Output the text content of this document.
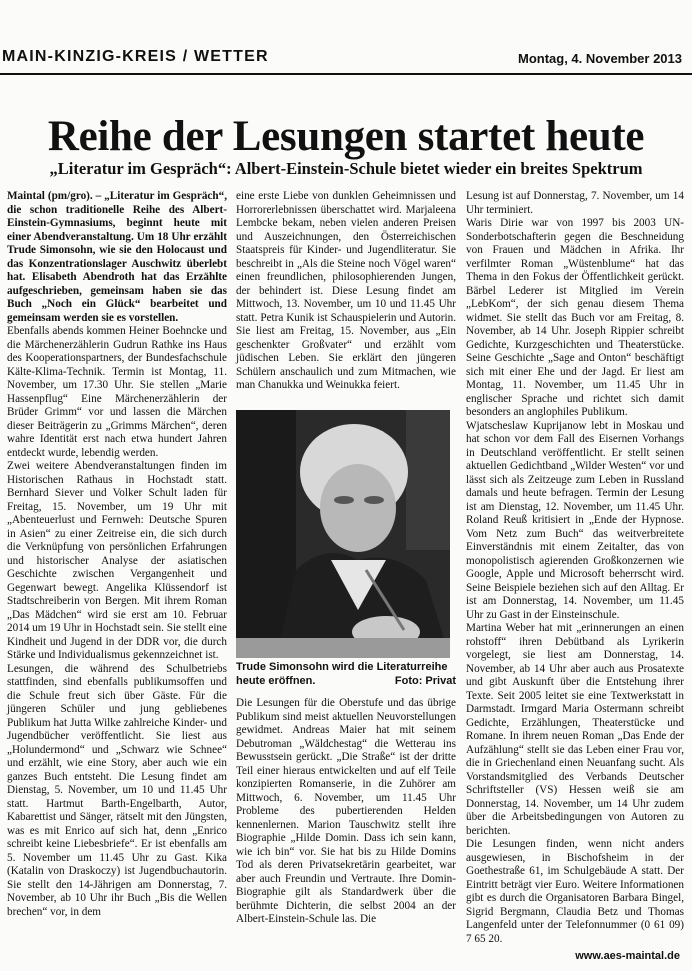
MAIN-KINZIG-KREIS / WETTER	Montag, 4. November 2013
Reihe der Lesungen startet heute
„Literatur im Gespräch“: Albert-Einstein-Schule bietet wieder ein breites Spektrum

Maintal (pm/gro). – „Literatur im Gespräch“, die schon traditionelle Reihe des Albert-Einstein-Gymnasiums, beginnt heute mit einer Abendveranstaltung. Um 18 Uhr erzählt Trude Simonsohn, wie sie den Holocaust und das Konzentrationslager Auschwitz überlebt hat. Elisabeth Abendroth hat das Erzählte aufgeschrieben, gemeinsam haben sie das Buch „Noch ein Glück“ bearbeitet und gemeinsam werden sie es vorstellen.

Ebenfalls abends kommen Heiner Boehncke und die Märchenerzählerin Gudrun Rathke ins Haus des Kooperationspartners, der Bundesfachschule Kälte-Klima-Technik. Termin ist Montag, 11. November, um 17.30 Uhr. Sie stellen „Marie Hassenpflug“ Eine Märchenerzählerin der Brüder Grimm“ vor und lassen die Märchen dieser Beiträgerin zu „Grimms Märchen“, deren wahre Identität erst nach etwa hundert Jahren entdeckt wurde, lebendig werden.

Zwei weitere Abendveranstaltungen finden im Historischen Rathaus in Hochstadt statt. Bernhard Siever und Volker Schult laden für Freitag, 15. November, um 19 Uhr mit „Abenteuerlust und Fernweh: Deutsche Spuren in Asien“ zu einer Zeitreise ein, die sich durch die Verknüpfung von persönlichen Erfahrungen und historischer Analyse der asiatischen Geschichte zwischen Vergangenheit und Gegenwart bewegt. Angelika Klüssendorf ist Stadtschreiberin von Bergen. Mit ihrem Roman „Das Mädchen“ wird sie erst am 10. Februar 2014 um 19 Uhr in Hochstadt sein. Sie stellt eine Kindheit und Jugend in der DDR vor, die durch Stärke und Individualismus gekennzeichnet ist.

Lesungen, die während des Schulbetriebs stattfinden, sind ebenfalls publikumsoffen und die Schule freut sich über Gäste. Für die jüngeren Schüler und jung gebliebenes Publikum hat Jutta Wilke zahlreiche Kinder- und Jugendbücher veröffentlicht. Sie liest aus „Holundermond“ und „Schwarz wie Schnee“ und erzählt, wie eine Story, aber auch wie ein ganzes Buch entsteht. Die Lesung findet am Dienstag, 5. November, um 10 und 11.45 Uhr statt. Hartmut Barth-Engelbarth, Autor, Kabarettist und Sänger, rätselt mit den Jüngsten, was es mit Enrico auf sich hat, denn „Enrico schreibt keine Liebesbriefe“. Er ist ebenfalls am 5. November um 11.45 Uhr zu Gast. Kika (Katalin von Draskoczy) ist Jugendbuchautorin. Sie stellt den 14-Jährigen am Donnerstag, 7. November, ab 10 Uhr ihr Buch „Bis die Wellen brechen“ vor, in dem

eine erste Liebe von dunklen Geheimnissen und Horrorerlebnissen überschattet wird. Marjaleena Lembcke bekam, neben vielen anderen Preisen und Auszeichnungen, den Österreichischen Staatspreis für Kinder- und Jugendliteratur. Sie beschreibt in „Als die Steine noch Vögel waren“ einen freundlichen, philosophierenden Jungen, der behindert ist. Diese Lesung findet am Mittwoch, 13. November, um 10 und 11.45 Uhr statt. Petra Kunik ist Schauspielerin und Autorin. Sie liest am Freitag, 15. November, aus „Ein geschenkter Großvater“ und erzählt vom jüdischen Leben. Sie erklärt den jüngeren Schülern anschaulich und zum Mitmachen, wie man Chanukka und Weinukka feiert.

Trude Simonsohn wird die Literaturreihe heute eröffnen.	Foto: Privat

Die Lesungen für die Oberstufe und das übrige Publikum sind meist aktuellen Neuvorstellungen gewidmet. Andreas Maier hat mit seinem Debutroman „Wäldchestag“ die Wetterau ins Bewusstsein gerückt. „Die Straße“ ist der dritte Teil einer hieraus entwickelten und auf elf Teile konzipierten Romanserie, in die Zuhörer am Mittwoch, 6. November, um 11.45 Uhr Probleme des pubertierenden Helden kennenlernen. Marion Tauschwitz stellt ihre Biographie „Hilde Domin. Dass ich sein kann, wie ich bin“ vor. Sie hat bis zu Hilde Domins Tod als deren Privatsekretärin gearbeitet, war aber auch Freundin und Vertraute. Ihre Domin-Biographie gilt als Standardwerk über die berühmte Dichterin, die selbst 2004 an der Albert-Einstein-Schule las. Die

Lesung ist auf Donnerstag, 7. November, um 14 Uhr terminiert.

Waris Dirie war von 1997 bis 2003 UN-Sonderbotschafterin gegen die Beschneidung von Frauen und Mädchen in Afrika. Ihr verfilmter Roman „Wüstenblume“ hat das Thema in den Fokus der Öffentlichkeit gerückt. Bärbel Lederer ist Mitglied im Verein „LebKom“, der sich genau diesem Thema widmet. Sie stellt das Buch vor am Freitag, 8. November, ab 14 Uhr. Joseph Rippier schreibt Gedichte, Kurzgeschichten und Theaterstücke. Seine Geschichte „Sage and Onton“ beschäftigt sich mit einer Ehe und der Jagd. Er liest am Montag, 11. November, um 11.45 Uhr in englischer Sprache und richtet sich damit besonders an anglophiles Publikum.

Wjatscheslaw Kuprijanow lebt in Moskau und hat schon vor dem Fall des Eisernen Vorhangs in Deutschland veröffentlicht. Er stellt seinen aktuellen Gedichtband „Wilder Westen“ vor und lässt sich als Zeitzeuge zum Leben in Russland damals und heute befragen. Termin der Lesung ist am Dienstag, 12. November, um 11.45 Uhr. Roland Reuß kritisiert in „Ende der Hypnose. Vom Netz zum Buch“ das weitverbreitete Einverständnis mit einem Zeitalter, das von monopolistisch agierenden Großkonzernen wie Google, Apple und Microsoft beherrscht wird. Seine Beispiele beziehen sich auf den Alltag. Er ist am Donnerstag, 14. November, um 11.45 Uhr zu Gast in der Einsteinschule.

Martina Weber hat mit „erinnerungen an einen rohstoff“ ihren Debütband als Lyrikerin vorgelegt, sie liest am Donnerstag, 14. November, ab 14 Uhr aber auch aus Prosatexte und gibt Auskunft über die Entstehung ihrer Texte. Seit 2005 leitet sie eine Textwerkstatt in Darmstadt. Irmgard Maria Ostermann schreibt Gedichte, Erzählungen, Theaterstücke und Romane. In ihrem neuen Roman „Das Ende der Aufzählung“ stellt sie das Leben einer Frau vor, die in Griechenland einen Neuanfang sucht. Als Vorstandsmitglied des Verbands Deutscher Schriftsteller (VS) Hessen weiß sie am Donnerstag, 14. November, um 14 Uhr zudem über die Arbeitsbedingungen von Autoren zu berichten.

Die Lesungen finden, wenn nicht anders ausgewiesen, in Bischofsheim in der Goethestraße 61, im Schulgebäude A statt. Der Eintritt beträgt vier Euro. Weitere Informationen gibt es durch die Organisatoren Barbara Bingel, Sigrid Bergmann, Claudia Betz und Thomas Langenfeld unter der Telefonnummer (0 61 09) 7 65 20.

www.aes-maintal.de
